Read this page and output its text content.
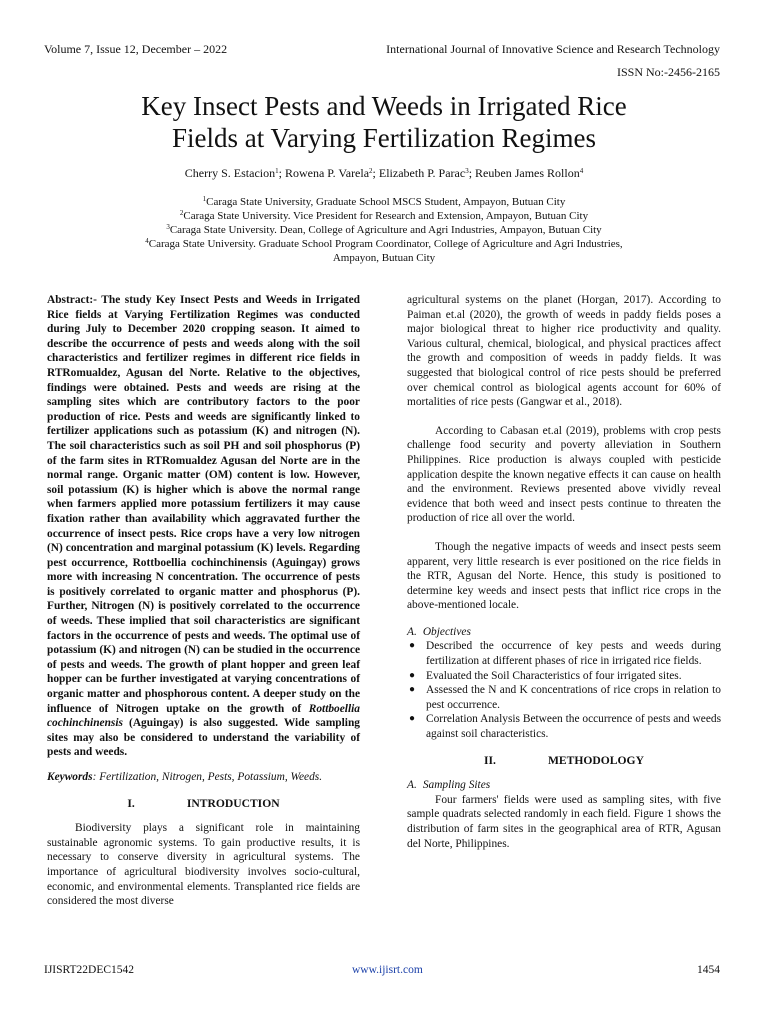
Volume 7, Issue 12, December – 2022	International Journal of Innovative Science and Research Technology
ISSN No:-2456-2165
Key Insect Pests and Weeds in Irrigated Rice
Fields at Varying Fertilization Regimes
Cherry S. Estacion$^1$; Rowena P. Varela$^2$; Elizabeth P. Parac$^3$; Reuben James Rollon$^4$
$^1$Caraga State University, Graduate School MSCS Student, Ampayon, Butuan City
$^2$Caraga State University. Vice President for Research and Extension, Ampayon, Butuan City
$^3$Caraga State University. Dean, College of Agriculture and Agri Industries, Ampayon, Butuan City
$^4$Caraga State University. Graduate School Program Coordinator, College of Agriculture and Agri Industries,
Ampayon, Butuan City

Abstract:- The study Key Insect Pests and Weeds in Irrigated Rice fields at Varying Fertilization Regimes was conducted during July to December 2020 cropping season. It aimed to describe the occurrence of pests and weeds along with the soil characteristics and fertilizer regimes in different rice fields in RTRomualdez, Agusan del Norte. Relative to the objectives, findings were obtained. Pests and weeds are rising at the sampling sites which are contributory factors to the poor production of rice. Pests and weeds are significantly linked to fertilizer applications such as potassium (K) and nitrogen (N). The soil characteristics such as soil PH and soil phosphorus (P) of the farm sites in RTRomualdez Agusan del Norte are in the normal range. Organic matter (OM) content is low. However, soil potassium (K) is higher which is above the normal range when farmers applied more potassium fertilizers it may cause fixation rather than availability which aggravated further the occurrence of insect pests. Rice crops have a very low nitrogen (N) concentration and marginal potassium (K) levels. Regarding pest occurrence, Rottboellia cochinchinensis (Aguingay) grows more with increasing N concentration. The occurrence of pests is positively correlated to organic matter and phosphorus (P). Further, Nitrogen (N) is positively correlated to the occurrence of weeds. These implied that soil characteristics are significant factors in the occurrence of pests and weeds. The optimal use of potassium (K) and nitrogen (N) can be studied in the occurrence of pests and weeds. The growth of plant hopper and green leaf hopper can be further investigated at varying concentrations of organic matter and phosphorous content. A deeper study on the influence of Nitrogen uptake on the growth of Rottboellia cochinchinensis (Aguingay) is also suggested. Wide sampling sites may also be considered to understand the variability of pests and weeds.

Keywords: Fertilization, Nitrogen, Pests, Potassium, Weeds.

I.	INTRODUCTION

Biodiversity plays a significant role in maintaining sustainable agronomic systems. To gain productive results, it is necessary to conserve diversity in agricultural systems. The importance of agricultural biodiversity involves socio-cultural, economic, and environmental elements. Transplanted rice fields are considered the most diverse

agricultural systems on the planet (Horgan, 2017). According to Paiman et.al (2020), the growth of weeds in paddy fields poses a major biological threat to higher rice productivity and quality. Various cultural, chemical, biological, and physical practices affect the growth and composition of weeds in paddy fields. It was suggested that biological control of rice pests should be preferred over chemical control as biological agents account for 60% of mortalities of rice pests (Gangwar et al., 2018).

According to Cabasan et.al (2019), problems with crop pests challenge food security and poverty alleviation in Southern Philippines. Rice production is always coupled with pesticide application despite the known negative effects it can cause on health and the environment. Reviews presented above vividly reveal evidence that both weed and insect pests continue to threaten the production of rice all over the world.

Though the negative impacts of weeds and insect pests seem apparent, very little research is ever positioned on the rice fields in the RTR, Agusan del Norte. Hence, this study is positioned to determine key weeds and insect pests that inflict rice crops in the above-mentioned locale.

A. Objectives
● Described the occurrence of key pests and weeds during fertilization at different phases of rice in irrigated rice fields.
● Evaluated the Soil Characteristics of four irrigated sites.
● Assessed the N and K concentrations of rice crops in relation to pest occurrence.
● Correlation Analysis Between the occurrence of pests and weeds against soil characteristics.
II.	METHODOLOGY
A. Sampling Sites

Four farmers' fields were used as sampling sites, with five sample quadrats selected randomly in each field. Figure 1 shows the distribution of farm sites in the geographical area of RTR, Agusan del Norte, Philippines.

IJISRT22DEC1542	www.ijisrt.com	1454
